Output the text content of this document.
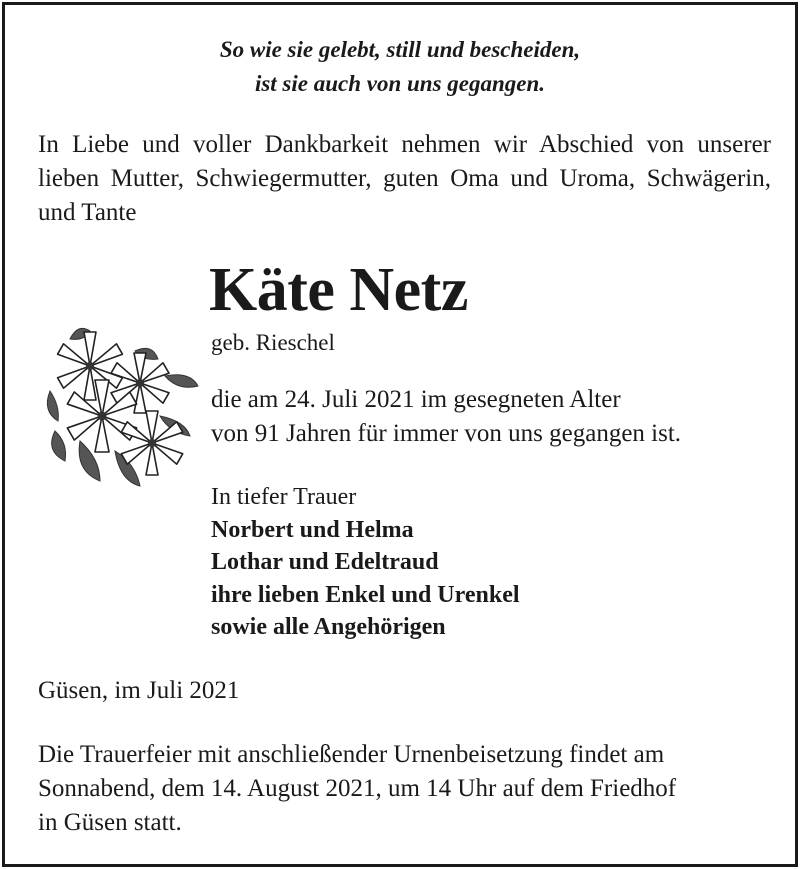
So wie sie gelebt, still und bescheiden,
ist sie auch von uns gegangen.
In Liebe und voller Dankbarkeit nehmen wir Abschied von unserer lieben Mutter, Schwiegermutter, guten Oma und Uroma, Schwägerin, und Tante
Käte Netz
geb. Rieschel
die am 24. Juli 2021 im gesegneten Alter
von 91 Jahren für immer von uns gegangen ist.
In tiefer Trauer
Norbert und Helma
Lothar und Edeltraud
ihre lieben Enkel und Urenkel
sowie alle Angehörigen
Güsen, im Juli 2021
Die Trauerfeier mit anschließender Urnenbeisetzung findet am
Sonnabend, dem 14. August 2021, um 14 Uhr auf dem Friedhof
in Güsen statt.
